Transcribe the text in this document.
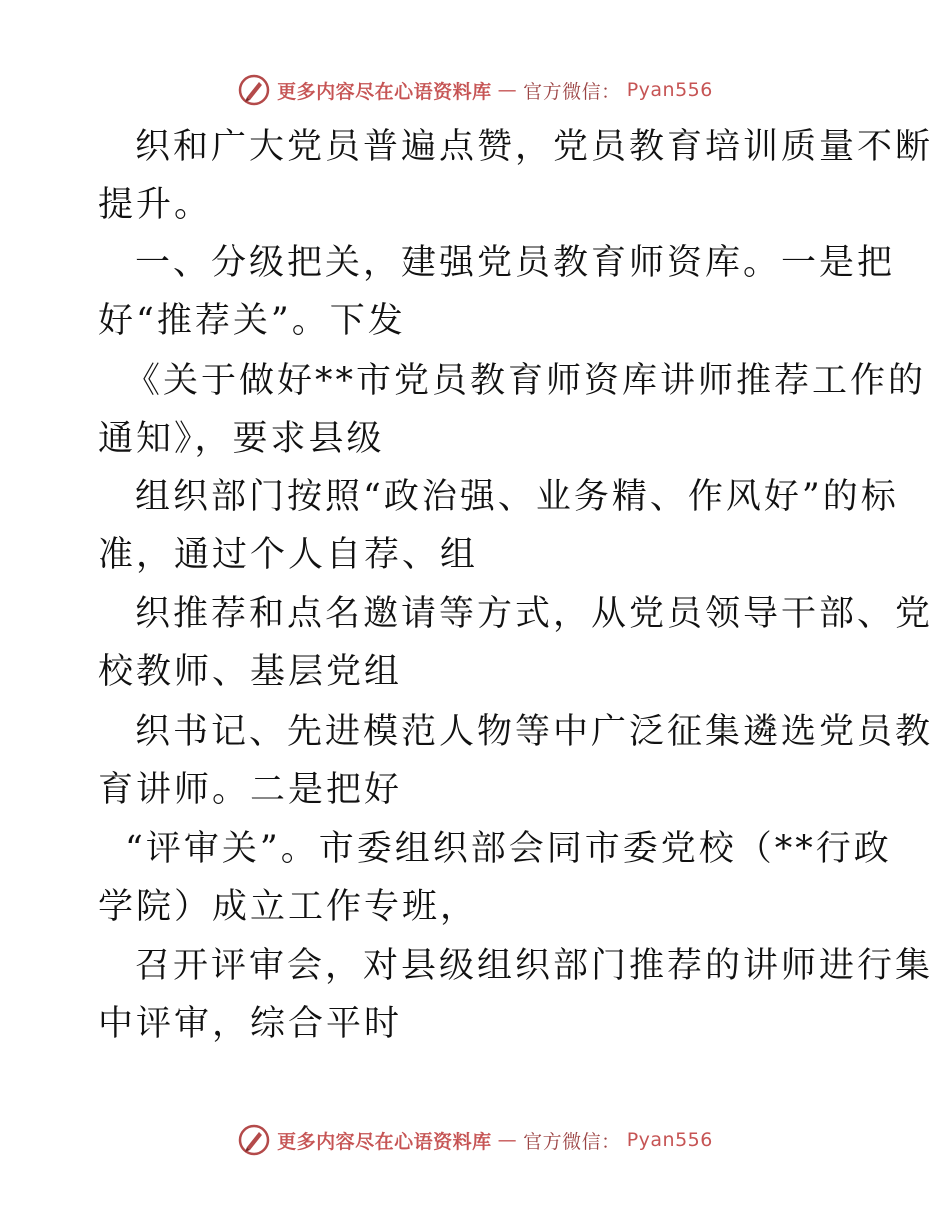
更多内容尽在心语资料库 — 官方微信： Pyan556
织和广大党员普遍点赞，党员教育培训质量不断
提升。
一、分级把关，建强党员教育师资库。一是把
好“推荐关”。下发
《关于做好**市党员教育师资库讲师推荐工作的
通知》，要求县级
组织部门按照“政治强、业务精、作风好”的标
准，通过个人自荐、组
织推荐和点名邀请等方式，从党员领导干部、党
校教师、基层党组
织书记、先进模范人物等中广泛征集遴选党员教
育讲师。二是把好
“评审关”。市委组织部会同市委党校（**行政
学院）成立工作专班，
召开评审会，对县级组织部门推荐的讲师进行集
中评审，综合平时
更多内容尽在心语资料库 — 官方微信： Pyan556
